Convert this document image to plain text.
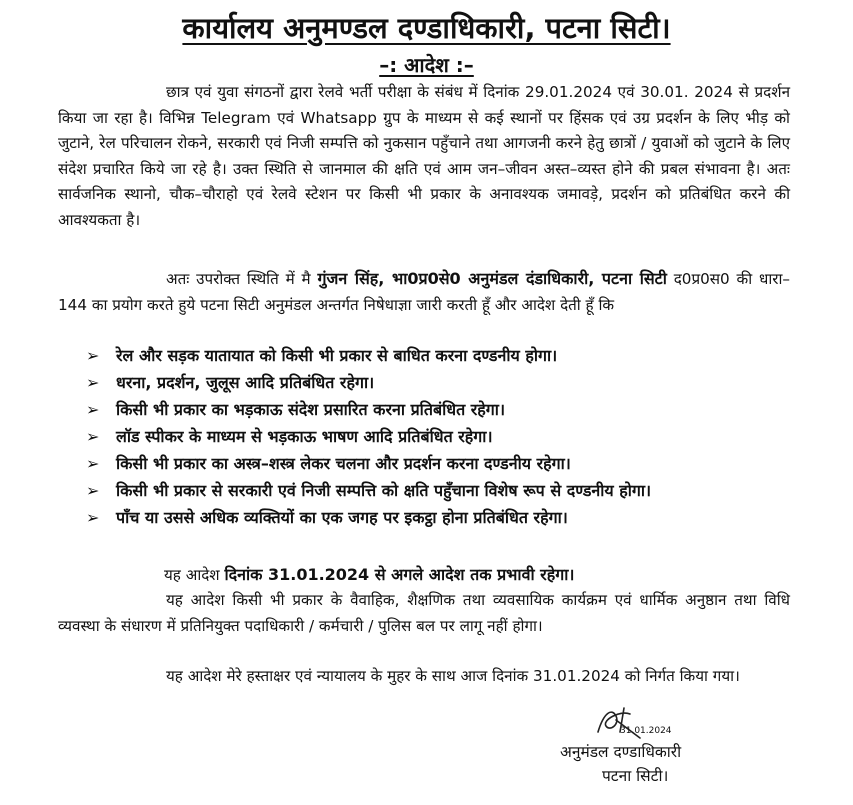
कार्यालय अनुमण्डल दण्डाधिकारी, पटना सिटी।
–: आदेश :–
छात्र एवं युवा संगठनों द्वारा रेलवे भर्ती परीक्षा के संबंध में दिनांक 29.01.2024 एवं 30.01. 2024 से प्रदर्शन किया जा रहा है। विभिन्न Telegram एवं Whatsapp ग्रुप के माध्यम से कई स्थानों पर हिंसक एवं उग्र प्रदर्शन के लिए भीड़ को जुटाने, रेल परिचालन रोकने, सरकारी एवं निजी सम्पत्ति को नुकसान पहुँचाने तथा आगजनी करने हेतु छात्रों / युवाओं को जुटाने के लिए संदेश प्रचारित किये जा रहे है। उक्त स्थिति से जानमाल की क्षति एवं आम जन–जीवन अस्त–व्यस्त होने की प्रबल संभावना है। अतः सार्वजनिक स्थानो, चौक–चौराहो एवं रेलवे स्टेशन पर किसी भी प्रकार के अनावश्यक जमावड़े, प्रदर्शन को प्रतिबंधित करने की आवश्यकता है।
अतः उपरोक्त स्थिति में मै गुंजन सिंह, भा0प्र0से0 अनुमंडल दंडाधिकारी, पटना सिटी द0प्र0स0 की धारा–144 का प्रयोग करते हुये पटना सिटी अनुमंडल अन्तर्गत निषेधाज्ञा जारी करती हूँ और आदेश देती हूँ कि
➢ रेल और सड़क यातायात को किसी भी प्रकार से बाधित करना दण्डनीय होगा।
➢ धरना, प्रदर्शन, जुलूस आदि प्रतिबंधित रहेगा।
➢ किसी भी प्रकार का भड़काऊ संदेश प्रसारित करना प्रतिबंधित रहेगा।
➢ लॉड स्पीकर के माध्यम से भड़काऊ भाषण आदि प्रतिबंधित रहेगा।
➢ किसी भी प्रकार का अस्त्र–शस्त्र लेकर चलना और प्रदर्शन करना दण्डनीय रहेगा।
➢ किसी भी प्रकार से सरकारी एवं निजी सम्पत्ति को क्षति पहुँचाना विशेष रूप से दण्डनीय होगा।
➢ पाँच या उससे अधिक व्यक्तियों का एक जगह पर इकट्ठा होना प्रतिबंधित रहेगा।
यह आदेश दिनांक 31.01.2024 से अगले आदेश तक प्रभावी रहेगा।
यह आदेश किसी भी प्रकार के वैवाहिक, शैक्षणिक तथा व्यवसायिक कार्यक्रम एवं धार्मिक अनुष्ठान तथा विधि व्यवस्था के संधारण में प्रतिनियुक्त पदाधिकारी / कर्मचारी / पुलिस बल पर लागू नहीं होगा।
यह आदेश मेरे हस्ताक्षर एवं न्यायालय के मुहर के साथ आज दिनांक 31.01.2024 को निर्गत किया गया।
31.01.2024
अनुमंडल दण्डाधिकारी
पटना सिटी।
